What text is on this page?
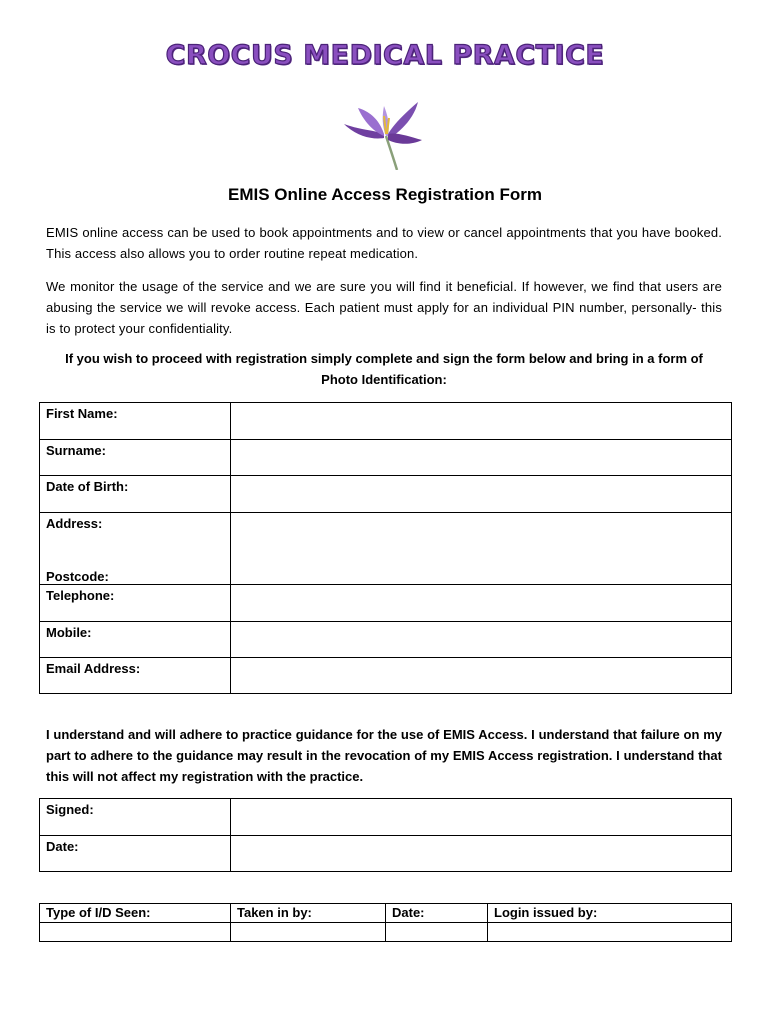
CROCUS MEDICAL PRACTICE
EMIS Online Access Registration Form

EMIS online access can be used to book appointments and to view or cancel appointments that you have booked. This access also allows you to order routine repeat medication.

We monitor the usage of the service and we are sure you will find it beneficial. If however, we find that users are abusing the service we will revoke access. Each patient must apply for an individual PIN number, personally- this is to protect your confidentiality.

If you wish to proceed with registration simply complete and sign the form below and bring in a form of
Photo Identification:
First Name:	
Surname:	
Date of Birth:	
Address:
Postcode:	

Telephone:	
Mobile:	
Email Address:	
I understand and will adhere to practice guidance for the use of EMIS Access. I understand that failure on my part to adhere to the guidance may result in the revocation of my EMIS Access registration. I understand that this will not affect my registration with the practice.
Signed:	
Date:	
Type of I/D Seen:	Taken in by:	Date:	Login issued by:
